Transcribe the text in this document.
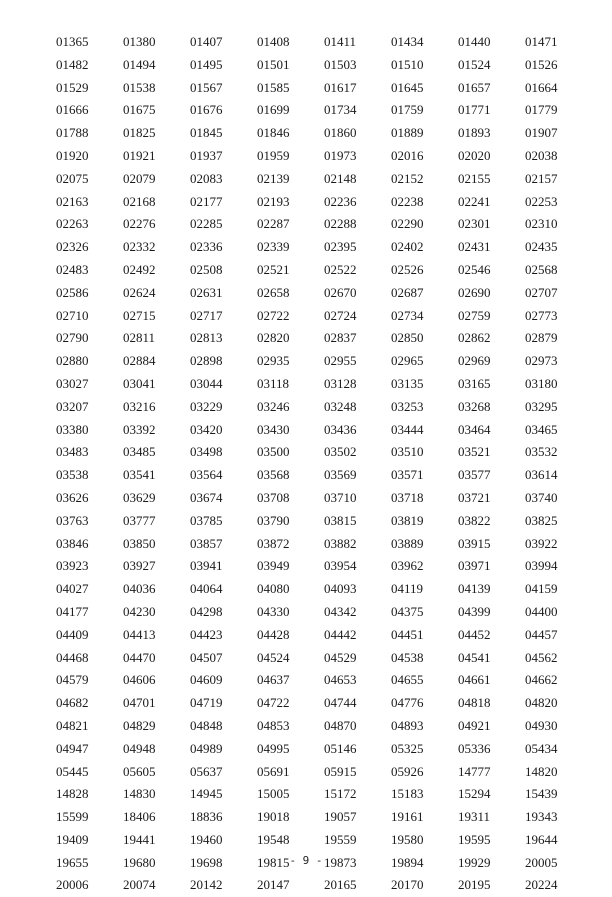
01365	01380	01407	01408	01411	01434	01440	01471
01482	01494	01495	01501	01503	01510	01524	01526
01529	01538	01567	01585	01617	01645	01657	01664
01666	01675	01676	01699	01734	01759	01771	01779
01788	01825	01845	01846	01860	01889	01893	01907
01920	01921	01937	01959	01973	02016	02020	02038
02075	02079	02083	02139	02148	02152	02155	02157
02163	02168	02177	02193	02236	02238	02241	02253
02263	02276	02285	02287	02288	02290	02301	02310
02326	02332	02336	02339	02395	02402	02431	02435
02483	02492	02508	02521	02522	02526	02546	02568
02586	02624	02631	02658	02670	02687	02690	02707
02710	02715	02717	02722	02724	02734	02759	02773
02790	02811	02813	02820	02837	02850	02862	02879
02880	02884	02898	02935	02955	02965	02969	02973
03027	03041	03044	03118	03128	03135	03165	03180
03207	03216	03229	03246	03248	03253	03268	03295
03380	03392	03420	03430	03436	03444	03464	03465
03483	03485	03498	03500	03502	03510	03521	03532
03538	03541	03564	03568	03569	03571	03577	03614
03626	03629	03674	03708	03710	03718	03721	03740
03763	03777	03785	03790	03815	03819	03822	03825
03846	03850	03857	03872	03882	03889	03915	03922
03923	03927	03941	03949	03954	03962	03971	03994
04027	04036	04064	04080	04093	04119	04139	04159
04177	04230	04298	04330	04342	04375	04399	04400
04409	04413	04423	04428	04442	04451	04452	04457
04468	04470	04507	04524	04529	04538	04541	04562
04579	04606	04609	04637	04653	04655	04661	04662
04682	04701	04719	04722	04744	04776	04818	04820
04821	04829	04848	04853	04870	04893	04921	04930
04947	04948	04989	04995	05146	05325	05336	05434
05445	05605	05637	05691	05915	05926	14777	14820
14828	14830	14945	15005	15172	15183	15294	15439
15599	18406	18836	19018	19057	19161	19311	19343
19409	19441	19460	19548	19559	19580	19595	19644
19655	19680	19698	19815	19873	19894	19929	20005
20006	20074	20142	20147	20165	20170	20195	20224
- 9 -
